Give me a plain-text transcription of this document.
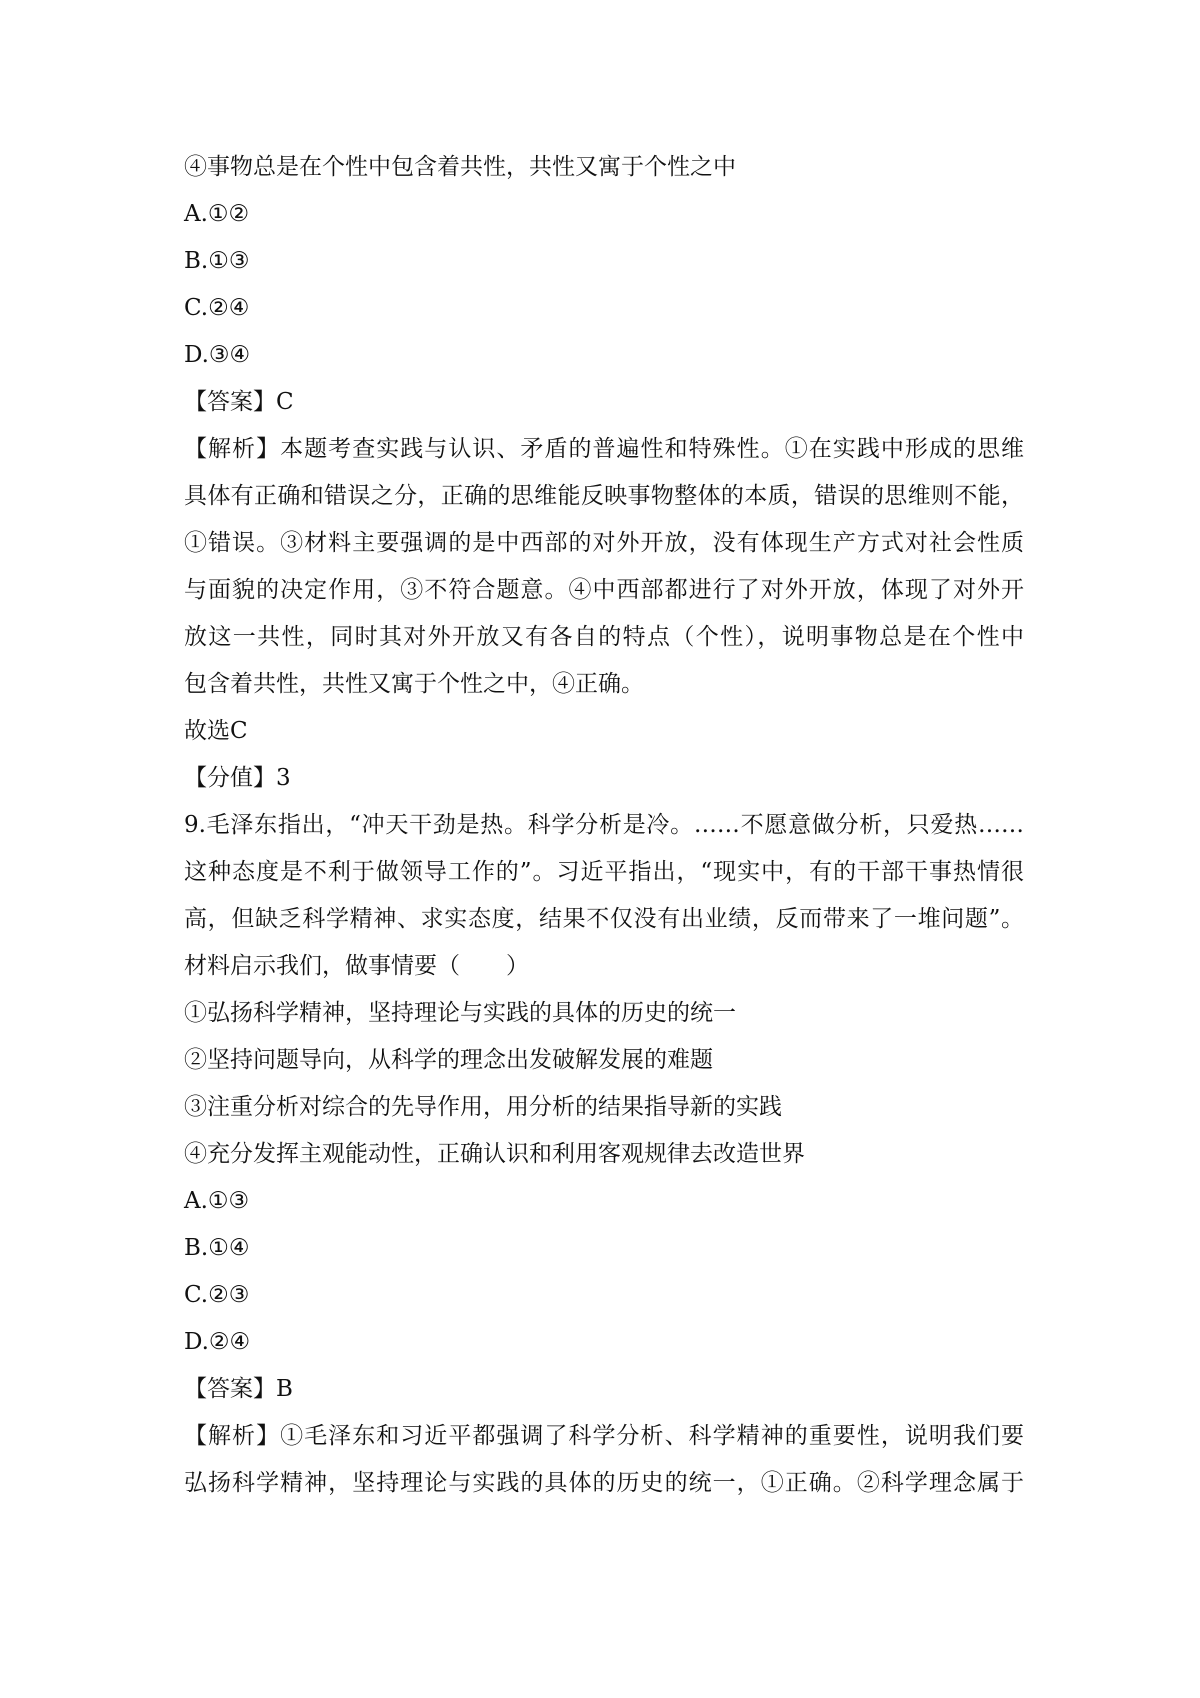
④事物总是在个性中包含着共性，共性又寓于个性之中
A.①②
B.①③
C.②④
D.③④
【答案】C
【解析】本题考查实践与认识、矛盾的普遍性和特殊性。①在实践中形成的思维
具体有正确和错误之分，正确的思维能反映事物整体的本质，错误的思维则不能，
①错误。③材料主要强调的是中西部的对外开放，没有体现生产方式对社会性质
与面貌的决定作用，③不符合题意。④中西部都进行了对外开放，体现了对外开
放这一共性，同时其对外开放又有各自的特点（个性），说明事物总是在个性中
包含着共性，共性又寓于个性之中，④正确。
故选C
【分值】3
9.毛泽东指出，“冲天干劲是热。科学分析是冷。……不愿意做分析，只爱热……
这种态度是不利于做领导工作的”。习近平指出，“现实中，有的干部干事热情很
高，但缺乏科学精神、求实态度，结果不仅没有出业绩，反而带来了一堆问题”。
材料启示我们，做事情要（　　）
①弘扬科学精神，坚持理论与实践的具体的历史的统一
②坚持问题导向，从科学的理念出发破解发展的难题
③注重分析对综合的先导作用，用分析的结果指导新的实践
④充分发挥主观能动性，正确认识和利用客观规律去改造世界
A.①③
B.①④
C.②③
D.②④
【答案】B
【解析】①毛泽东和习近平都强调了科学分析、科学精神的重要性，说明我们要
弘扬科学精神，坚持理论与实践的具体的历史的统一，①正确。②科学理念属于
